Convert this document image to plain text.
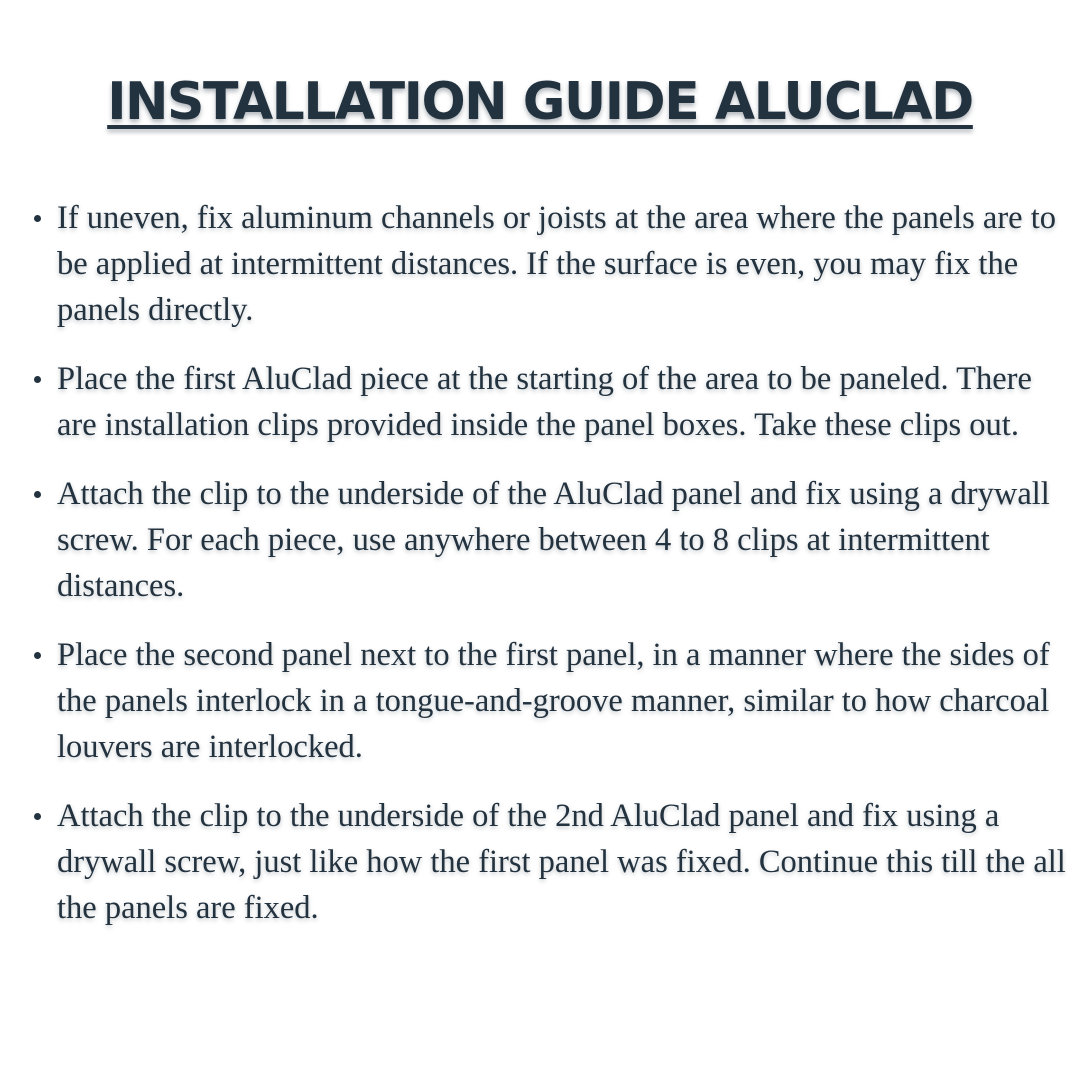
INSTALLATION GUIDE ALUCLAD
If uneven, fix aluminum channels or joists at the area where the panels are to be applied at intermittent distances. If the surface is even, you may fix the panels directly.
Place the first AluClad piece at the starting of the area to be paneled. There are installation clips provided inside the panel boxes. Take these clips out.
Attach the clip to the underside of the AluClad panel and fix using a drywall screw. For each piece, use anywhere between 4 to 8 clips at intermittent distances.
Place the second panel next to the first panel, in a manner where the sides of the panels interlock in a tongue-and-groove manner, similar to how charcoal louvers are interlocked.
Attach the clip to the underside of the 2nd AluClad panel and fix using a drywall screw, just like how the first panel was fixed. Continue this till the all the panels are fixed.
